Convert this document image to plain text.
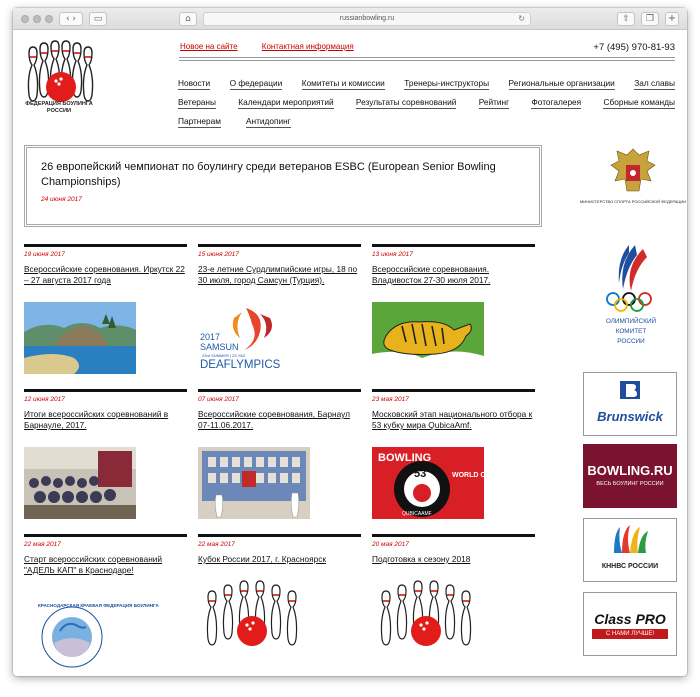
‹ ›	▭	⌂	russianbowling.ru	↻	⇧	❐	+
ФЕДЕРАЦИЯ БОУЛИНГА РОССИИ
Новое на сайте	Контактная информация	+7 (495) 970-81-93
Новости О федерации Комитеты и комиссии Тренеры-инструкторы Региональные организации Зал славы
Ветераны	Календари мероприятий	Результаты соревнований	Рейтинг	Фотогалерея	Сборные команды
Партнерам	Антидопинг
26 европейский чемпионат по боулингу среди ветеранов ESBC (European Senior Bowling Championships)
24 июня 2017
19 июня 2017
Всероссийские соревнования. Иркутск 22 – 27 августа 2017 года
15 июня 2017
23-е летние Сурдлимпийские игры, 18 по 30 июля, город Самсун (Турция).
2017
SAMSUN
23rd SUMMER | 23.YAZ
DEAFLYMPICS
13 июня 2017
Всероссийские соревнования. Владивосток 27-30 июля 2017.
12 июня 2017
Итоги всероссийских соревнований в Барнауле, 2017.
07 июня 2017
Всероссийские соревнования, Барнаул 07-11.06.2017.
23 мая 2017
Московский этап национального отбора к 53 кубку мира QubicaAmf.
BOWLING
WORLD CUP
53
QUBICAAMF
22 мая 2017
Старт всероссийских соревнований "АДЕЛЬ КАП" в Краснодаре!
КРАСНОДАРСКАЯ КРАЕВАЯ ФЕДЕРАЦИЯ БОУЛИНГА
22 мая 2017
Кубок России 2017, г. Красноярск
20 мая 2017
Подготовка к сезону 2018
МИНИСТЕРСТВО СПОРТА РОССИЙСКОЙ ФЕДЕРАЦИИ
ОЛИМПИЙСКИЙ
КОМИТЕТ
РОССИИ
Brunswick
BOWLING.RU
ВЕСЬ БОУЛИНГ РОССИИ
КННВС РОССИИ
Class PRO
С НАМИ ЛУЧШЕ!
